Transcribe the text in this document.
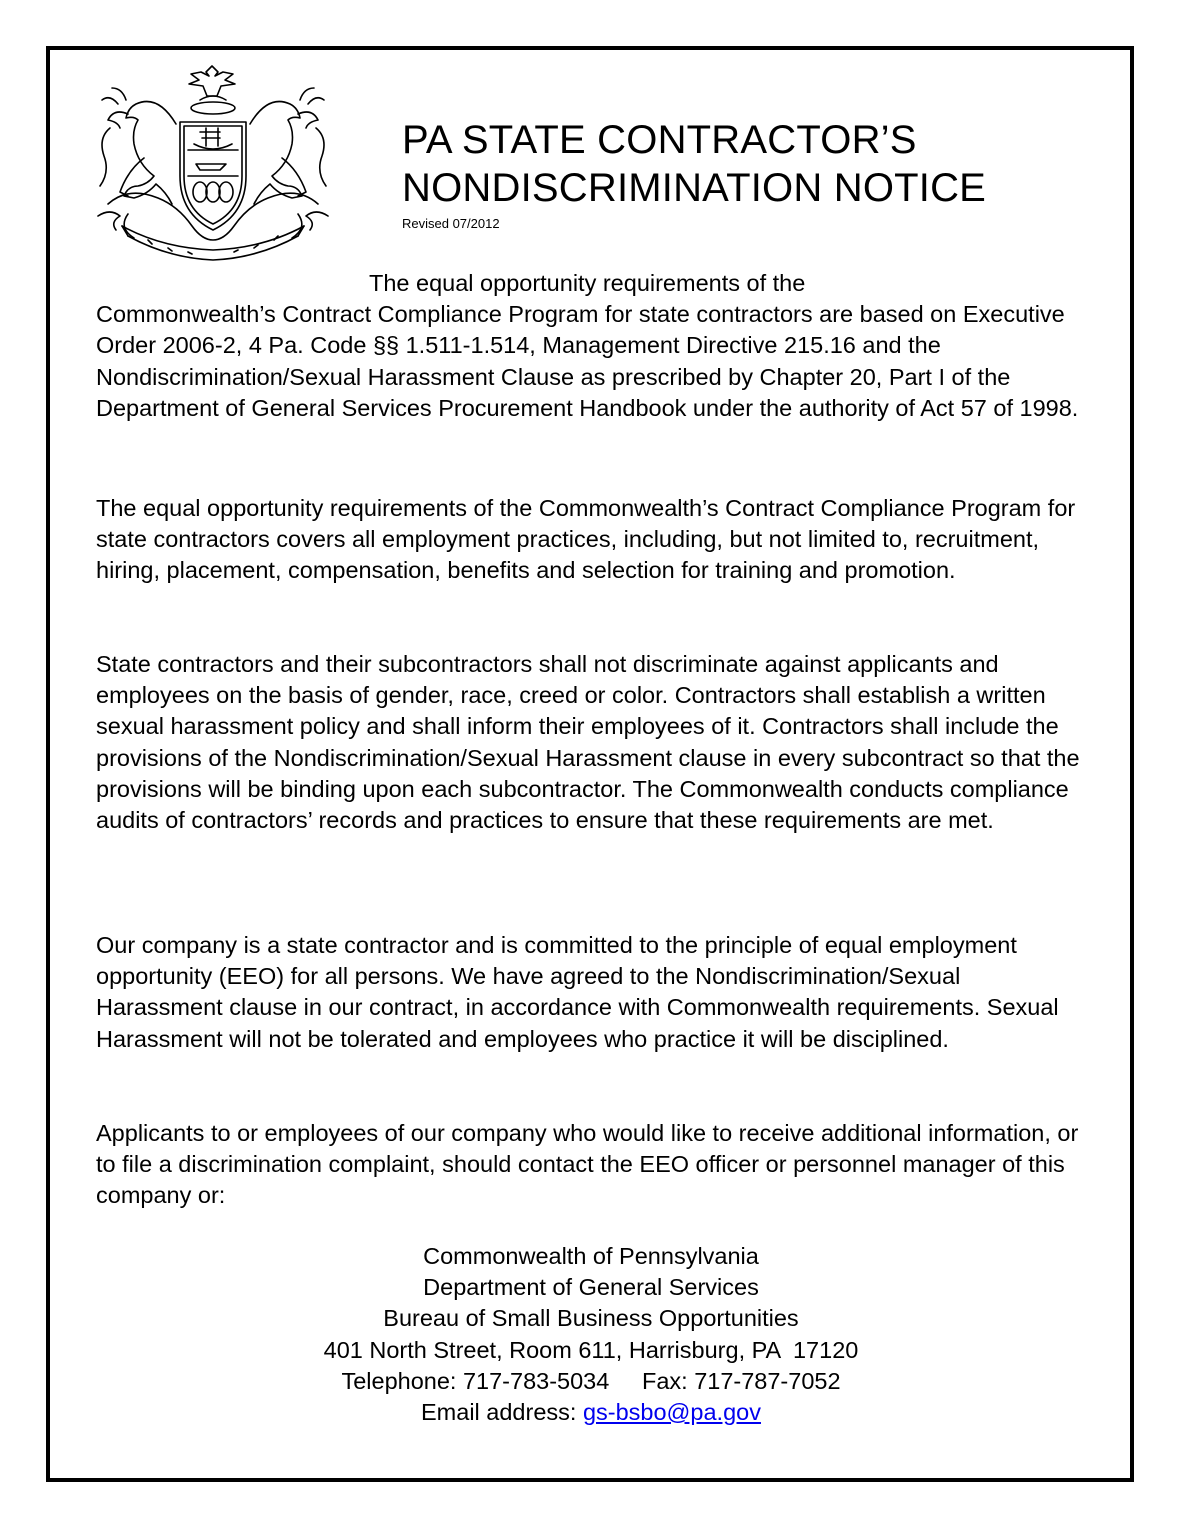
PA STATE CONTRACTOR’S
NONDISCRIMINATION NOTICE
Revised 07/2012

The equal opportunity requirements of the
Commonwealth’s Contract Compliance Program for state contractors are based on Executive Order 2006-2, 4 Pa. Code §§ 1.511-1.514, Management Directive 215.16 and the Nondiscrimination/Sexual Harassment Clause as prescribed by Chapter 20, Part I of the Department of General Services Procurement Handbook under the authority of Act 57 of 1998.

The equal opportunity requirements of the Commonwealth’s Contract Compliance Program for state contractors covers all employment practices, including, but not limited to, recruitment, hiring, placement, compensation, benefits and selection for training and promotion.

State contractors and their subcontractors shall not discriminate against applicants and employees on the basis of gender, race, creed or color. Contractors shall establish a written sexual harassment policy and shall inform their employees of it. Contractors shall include the provisions of the Nondiscrimination/Sexual Harassment clause in every subcontract so that the provisions will be binding upon each subcontractor. The Commonwealth conducts compliance audits of contractors’ records and practices to ensure that these requirements are met.

Our company is a state contractor and is committed to the principle of equal employment opportunity (EEO) for all persons. We have agreed to the Nondiscrimination/Sexual Harassment clause in our contract, in accordance with Commonwealth requirements. Sexual Harassment will not be tolerated and employees who practice it will be disciplined.

Applicants to or employees of our company who would like to receive additional information, or to file a discrimination complaint, should contact the EEO officer or personnel manager of this company or:

Commonwealth of Pennsylvania
Department of General Services
Bureau of Small Business Opportunities
401 North Street, Room 611, Harrisburg, PA  17120
Telephone: 717-783-5034     Fax: 717-787-7052
Email address: gs-bsbo@pa.gov
